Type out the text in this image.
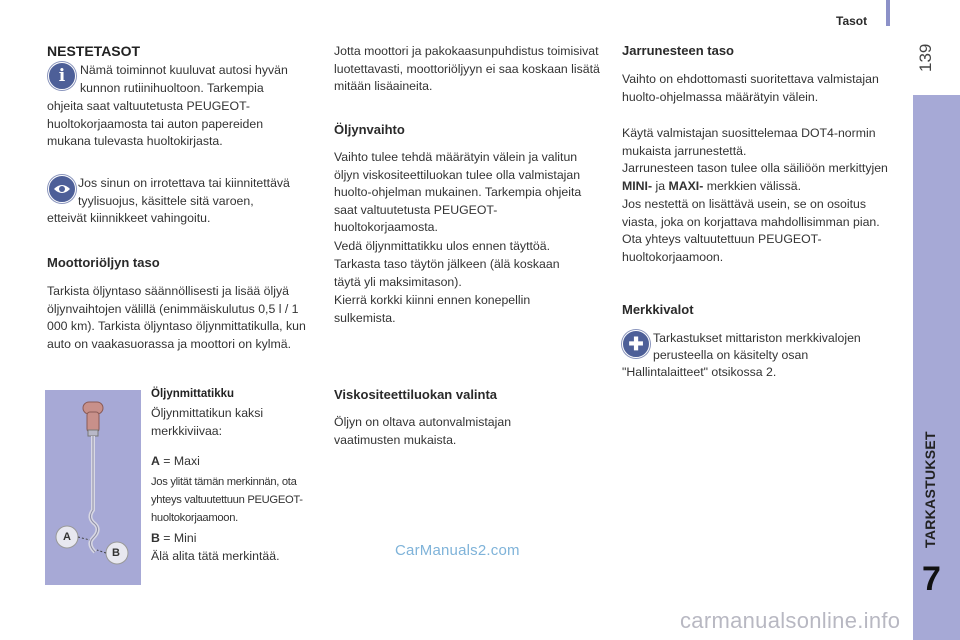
Tasot
139
TARKASTUKSET
7
NESTETASOT
i	Nämä toiminnot kuuluvat autosi hyvän
kunnon rutiinihuoltoon. Tarkempia
ohjeita saat valtuutetusta PEUGEOT-huoltokorjaamosta tai auton papereiden mukana tulevasta huoltokirjasta.
Jos sinun on irrotettava tai kiinnitettävä
tyylisuojus, käsittele sitä varoen,
etteivät kiinnikkeet vahingoitu.
Moottoriöljyn taso
Tarkista öljyntaso säännöllisesti ja lisää öljyä öljynvaihtojen välillä (enimmäiskulutus 0,5 l / 1 000 km). Tarkista öljyntaso öljynmittatikulla, kun auto on vaakasuorassa ja moottori on kylmä.
A
B
Öljynmittatikku
Öljynmittatikun kaksi merkkiviivaa:
A = Maxi
Jos ylität tämän merkinnän, ota yhteys valtuutettuun PEUGEOT-huoltokorjaamoon.
B = Mini
Älä alita tätä merkintää.
Jotta moottori ja pakokaasunpuhdistus toimisivat luotettavasti, moottoriöljyyn ei saa koskaan lisätä mitään lisäaineita.
Öljynvaihto
Vaihto tulee tehdä määrätyin välein ja valitun öljyn viskositeettiluokan tulee olla valmistajan huolto-ohjelman mukainen. Tarkempia ohjeita saat valtuutetusta PEUGEOT-huoltokorjaamosta.
Vedä öljynmittatikku ulos ennen täyttöä.
Tarkasta taso täytön jälkeen (älä koskaan täytä yli maksimitason).
Kierrä korkki kiinni ennen konepellin sulkemista.
Viskositeettiluokan valinta
Öljyn on oltava autonvalmistajan vaatimusten mukaista.
CarManuals2.com
Jarrunesteen taso
Vaihto on ehdottomasti suoritettava valmistajan huolto-ohjelmassa määrätyin välein.
Käytä valmistajan suosittelemaa DOT4-normin mukaista jarrunestettä.
Jarrunesteen tason tulee olla säiliöön merkittyjen MINI- ja MAXI- merkkien välissä.
Jos nestettä on lisättävä usein, se on osoitus viasta, joka on korjattava mahdollisimman pian. Ota yhteys valtuutettuun PEUGEOT-huoltokorjaamoon.
Merkkivalot
✚ Tarkastukset mittariston merkkivalojen
perusteella on käsitelty osan
"Hallintalaitteet" otsikossa 2.
carmanualsonline.info
